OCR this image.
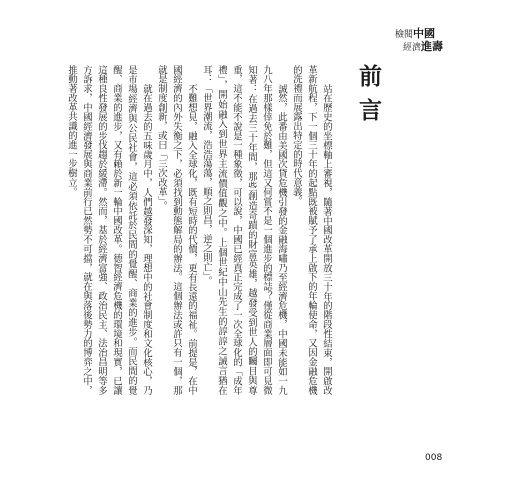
檢閱中國
經濟進壽
前言

站在歷史的坐標軸上審視，隨著中國改革開放三十年的階段性結束，開啟改革新航程，下一個三十年的起點既被賦予了承上啟下的年輪使命，又因金融危機的洗禮而展露出特定的時代意義。

誠然，此番由美國次貸危機引發的金融海嘯乃至經濟危機，中國未能如一九九八年那樣倖免於難，但這又何嘗不是一個進步的標誌？僅從商業層面即可見微知著：在過去三十年間，那些創造奇蹟的財富英雄，越發受到世人的矚目與尊重，這不能不說是一種象徵，可以說，中國已經真正完成了一次全球化的「成年禮」，開始融入到世界主流價值觀之中。上個世紀中山先生的諄諄之誡言猶在耳：「世界潮流，浩浩蕩蕩，順之則昌，逆之則亡」。

不難想見，融入全球化，既有短時的代價，更有長遠的福祉。前提是，在中國經濟的內外失衡之下，必須找到動態解局的辦法。這個辦法或許只有一個，那就是制度創新，或曰「三次改革」。

就在過去的五味歲月中，人們越發深知，理想中的社會制度和文化核心，乃是市場經濟與公民社會，這必須依託於民間的覺醒、商業的進步。而民間的覺醒、商業的進步，又有賴於新一輪中國改革。德智經濟危機的環境和現實，已讓這種良性發展的步伐趨於緩滯。然而，基於經濟富強、政治民主、法治昌明等多方訴求，中國經濟發展與商業前行已然勢不可擋，就在與落後勢力的博弈之中，推動著改革共識的進一步樹立。

008
